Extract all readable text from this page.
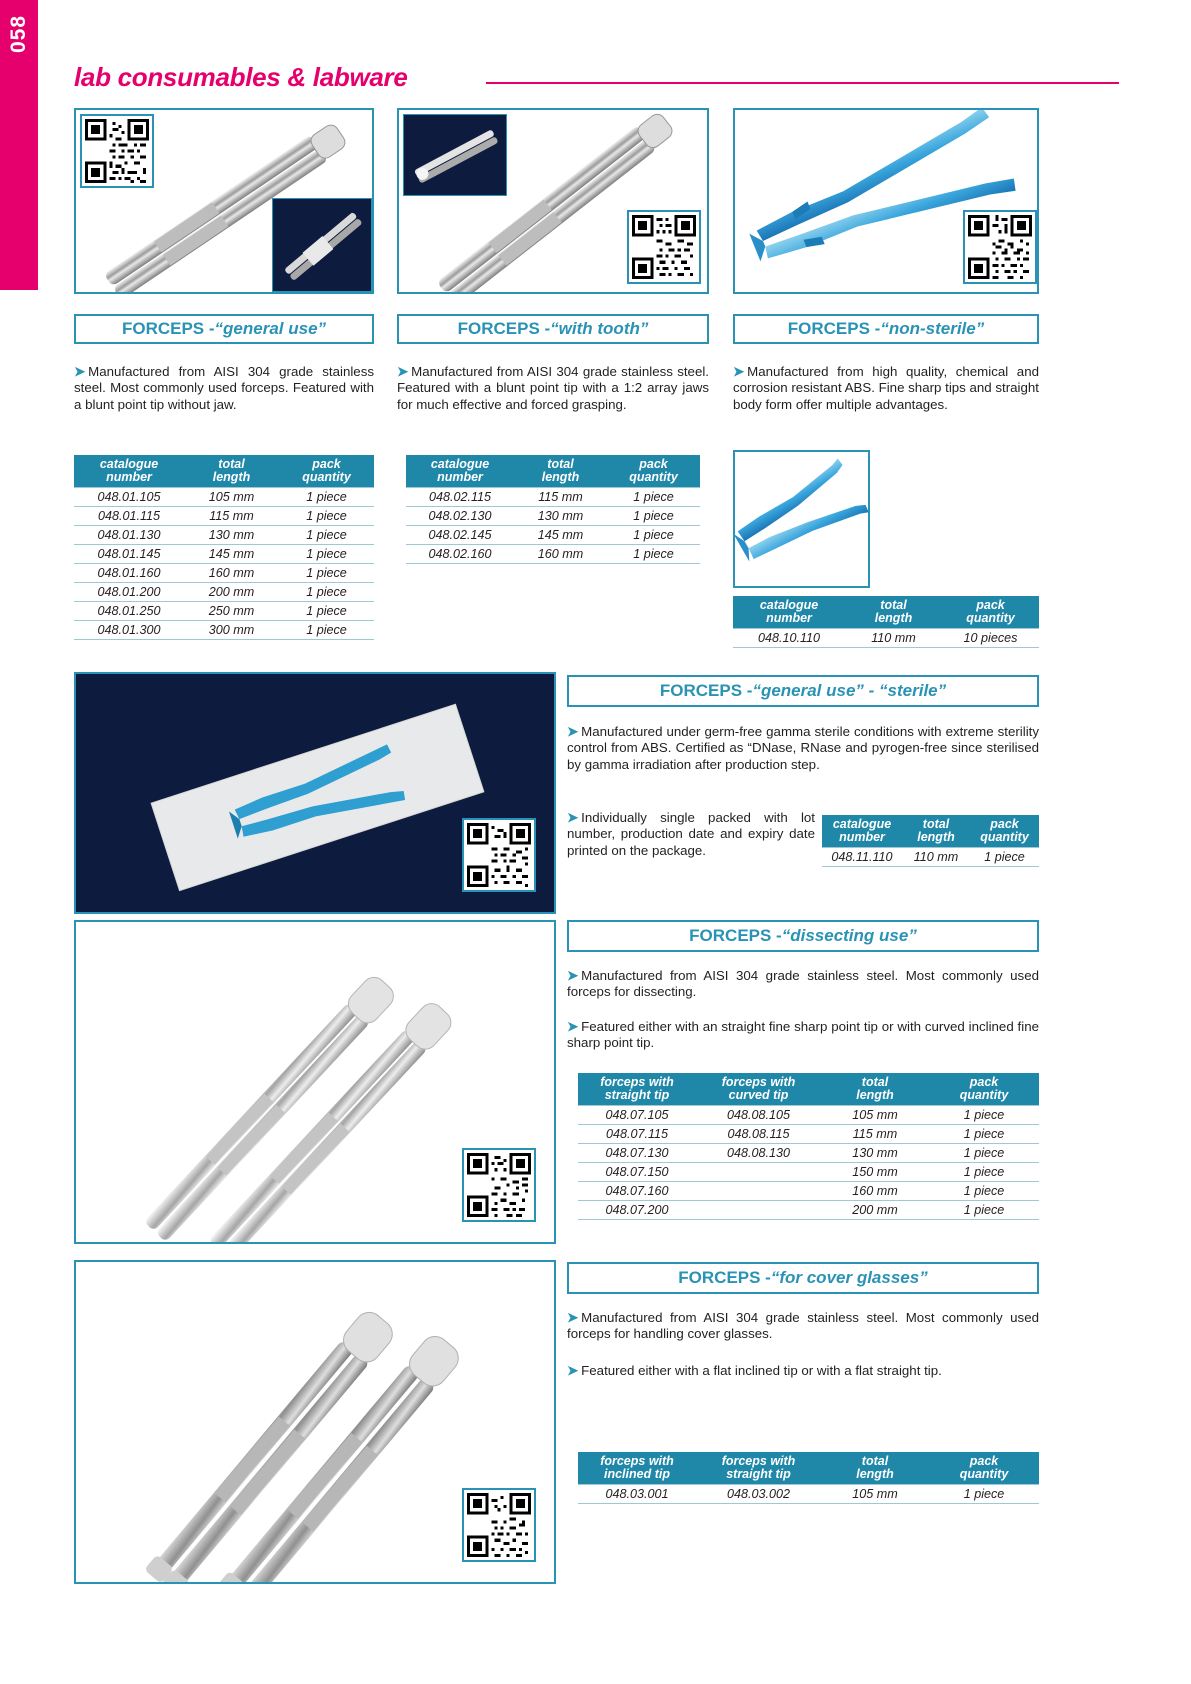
058
lab consumables & labware
FORCEPS - “general use”	FORCEPS - “with tooth”	FORCEPS - “non-sterile”
➤ Manufactured from AISI 304 grade stainless steel. Most commonly used forceps. Featured with a blunt point tip without jaw.
➤ Manufactured from AISI 304 grade stainless steel. Featured with a blunt point tip with a 1:2 array jaws for much effective and forced grasping.
➤ Manufactured from high quality, chemical and corrosion resistant ABS. Fine sharp tips and straight body form offer multiple advantages.
catalogue
number

total
length

pack
quantity

048.01.105	105 mm	1 piece
048.01.115	115 mm	1 piece
048.01.130	130 mm	1 piece
048.01.145	145 mm	1 piece
048.01.160	160 mm	1 piece
048.01.200	200 mm	1 piece
048.01.250	250 mm	1 piece
048.01.300	300 mm	1 piece
catalogue
number

total
length

pack
quantity

048.02.115	115 mm	1 piece
048.02.130	130 mm	1 piece
048.02.145	145 mm	1 piece
048.02.160	160 mm	1 piece
catalogue
number

total
length

pack
quantity

048.10.110	110 mm	10 pieces
FORCEPS - “general use” - “sterile”
➤ Manufactured under germ-free gamma sterile conditions with extreme sterility control from ABS. Certified as “DNase, RNase and pyrogen-free since sterilised by gamma irradiation after production step.
➤ Individually single packed with lot number, production date and expiry date printed on the package.
catalogue
number

total
length

pack
quantity

048.11.110	110 mm	1 piece
FORCEPS - “dissecting use”
➤ Manufactured from AISI 304 grade stainless steel. Most commonly used forceps for dissecting.
➤ Featured either with an straight fine sharp point tip or with curved inclined fine sharp point tip.
forceps with
straight tip

forceps with
curved tip

total
length

pack
quantity

048.07.105	048.08.105	105 mm	1 piece
048.07.115	048.08.115	115 mm	1 piece
048.07.130	048.08.130	130 mm	1 piece
048.07.150		150 mm	1 piece
048.07.160		160 mm	1 piece
048.07.200		200 mm	1 piece
FORCEPS - “for cover glasses”
➤ Manufactured from AISI 304 grade stainless steel. Most commonly used forceps for handling cover glasses.
➤ Featured either with a flat inclined tip or with a flat straight tip.
forceps with
inclined tip

forceps with
straight tip

total
length

pack
quantity

048.03.001	048.03.002	105 mm	1 piece
